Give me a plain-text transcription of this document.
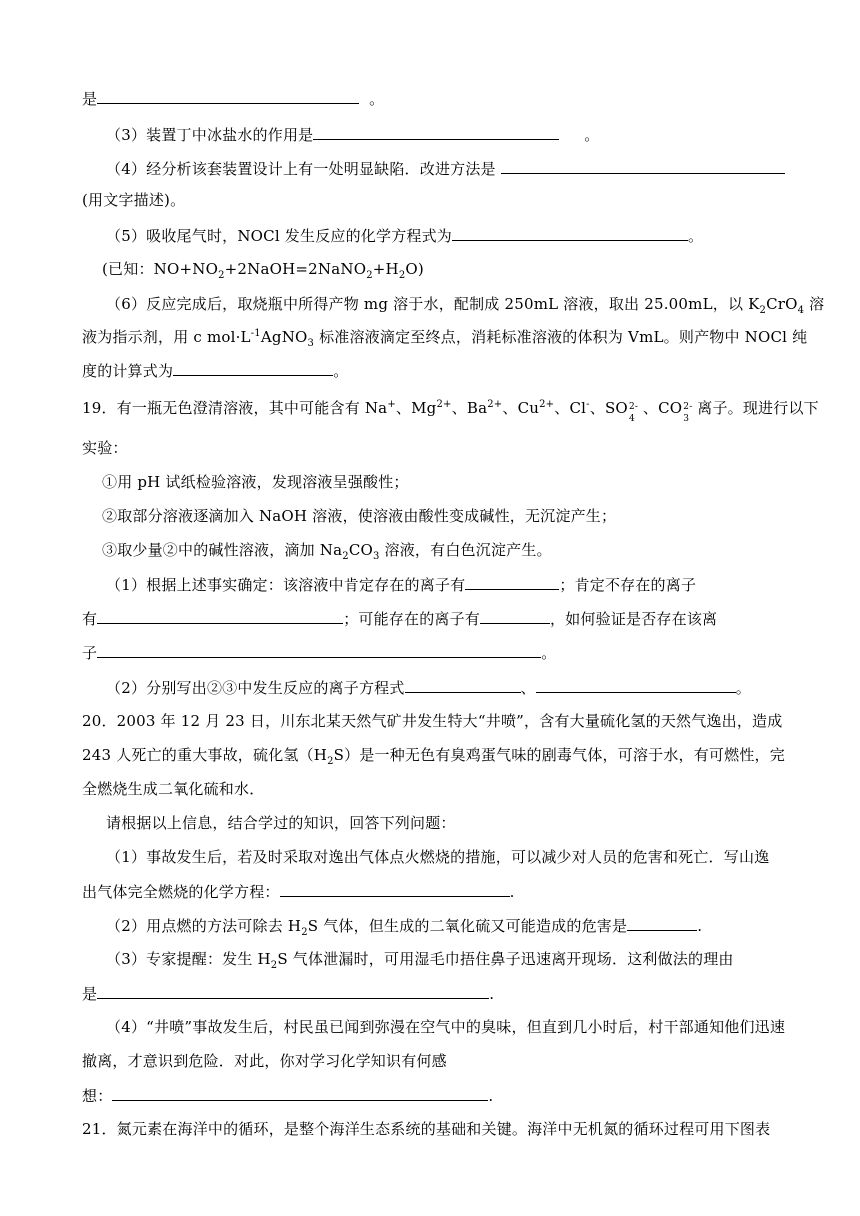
是	。
（3）装置丁中冰盐水的作用是	。
（4）经分析该套装置设计上有一处明显缺陷．改进方法是
(用文字描述)。
（5）吸收尾气时，NOCl 发生反应的化学方程式为	。
(已知：$NO+NO_2+2NaOH=2NaNO_2+H_2O$)
（6）反应完成后，取烧瓶中所得产物 mg 溶于水，配制成 250mL 溶液，取出 25.00mL，以 $K_2CrO_4$ 溶
液为指示剂，用 c $mol\cdot L^{-1}AgNO_3$ 标准溶液滴定至终点，消耗标准溶液的体积为 VmL。则产物中 NOCl 纯
度的计算式为	。
19．有一瓶无色澄清溶液，其中可能含有 Na+、$Mg^{2+}$、$Ba^{2+}$、$Cu^{2+}$、Cl-、SO 2-
4
、CO 2-
3
离子。现进行以下
实验：
①用 pH 试纸检验溶液，发现溶液呈强酸性；
②取部分溶液逐滴加入 NaOH 溶液，使溶液由酸性变成碱性，无沉淀产生；
③取少量②中的碱性溶液，滴加 $Na_2CO_3$ 溶液，有白色沉淀产生。
（1）根据上述事实确定：该溶液中肯定存在的离子有	；肯定不存在的离子
有	；可能存在的离子有	，如何验证是否存在该离
子	。
（2）分别写出②③中发生反应的离子方程式	、	。
20．2003 年 12 月 23 日，川东北某天然气矿井发生特大“井喷”，含有大量硫化氢的天然气逸出，造成
243 人死亡的重大事故，硫化氢$(H_2S)$是一种无色有臭鸡蛋气味的剧毒气体，可溶于水，有可燃性，完
全燃烧生成二氧化硫和水．
请根据以上信息，结合学过的知识，回答下列问题：
（1）事故发生后，若及时采取对逸出气体点火燃烧的措施，可以减少对人员的危害和死亡．写山逸
出气体完全燃烧的化学方程：	.
（2）用点燃的方法可除去 $H_2S$ 气体，但生成的二氧化硫又可能造成的危害是	.
（3）专家提醒：发生 $H_2S$ 气体泄漏时，可用湿毛巾捂住鼻子迅速离开现场．这利做法的理由
是	.
（4）“井喷”事故发生后，村民虽已闻到弥漫在空气中的臭味，但直到几小时后，村干部通知他们迅速
撤离，才意识到危险．对此，你对学习化学知识有何感
想：	.
21．氮元素在海洋中的循环，是整个海洋生态系统的基础和关键。海洋中无机氮的循环过程可用下图表
